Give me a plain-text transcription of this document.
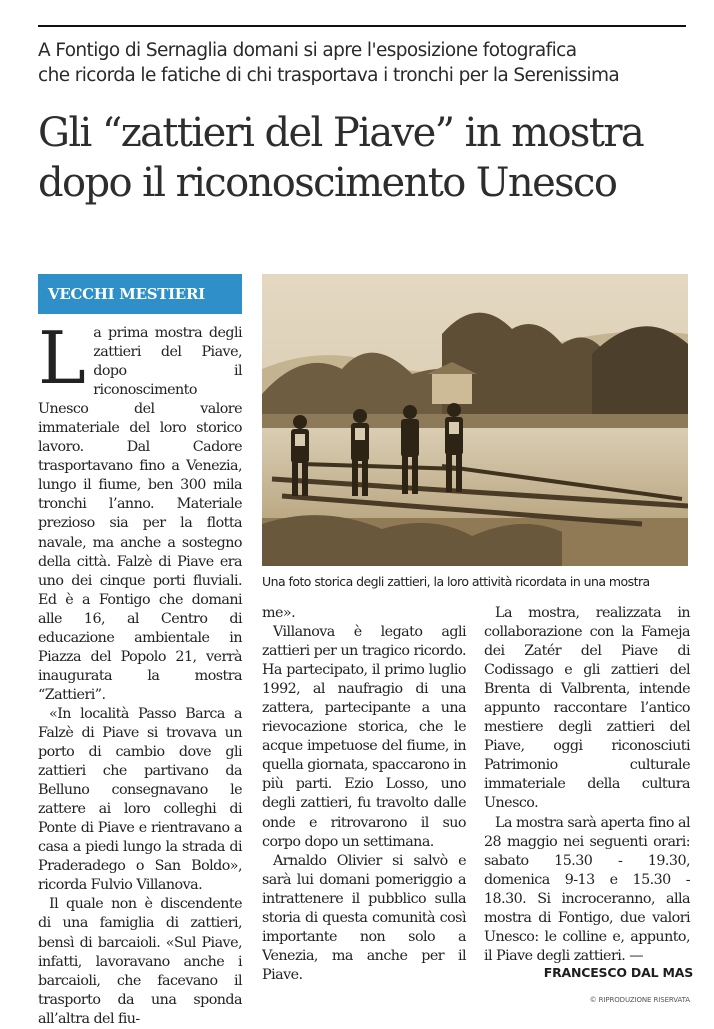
A Fontigo di Sernaglia domani si apre l'esposizione fotografica
che ricorda le fatiche di chi trasportava i tronchi per la Serenissima
Gli “zattieri del Piave” in mostra
dopo il riconoscimento Unesco
VECCHI MESTIERI
Una foto storica degli zattieri, la loro attività ricordata in una mostra

La prima mostra degli zattieri del Piave, dopo il riconoscimento Unesco del valore immateriale del loro storico lavoro. Dal Cadore trasportavano fino a Venezia, lungo il fiume, ben 300 mila tronchi l’anno. Materiale prezioso sia per la flotta navale, ma anche a sostegno della città. Falzè di Piave era uno dei cinque porti fluviali. Ed è a Fontigo che domani alle 16, al Centro di educazione ambientale in Piazza del Popolo 21, verrà inaugurata la mostra “Zattieri”.

«In località Passo Barca a Falzè di Piave si trovava un porto di cambio dove gli zattieri che partivano da Belluno consegnavano le zattere ai loro colleghi di Ponte di Piave e rientravano a casa a piedi lungo la strada di Praderadego o San Boldo», ricorda Fulvio Villanova.

Il quale non è discendente di una famiglia di zattieri, bensì di barcaioli. «Sul Piave, infatti, lavoravano anche i barcaioli, che facevano il trasporto da una sponda all’altra del fiu-

me».

Villanova è legato agli zattieri per un tragico ricordo. Ha partecipato, il primo luglio 1992, al naufragio di una zattera, partecipante a una rievocazione storica, che le acque impetuose del fiume, in quella giornata, spaccarono in più parti. Ezio Losso, uno degli zattieri, fu travolto dalle onde e ritrovarono il suo corpo dopo un settimana.

Arnaldo Olivier si salvò e sarà lui domani pomeriggio a intrattenere il pubblico sulla storia di questa comunità così importante non solo a Venezia, ma anche per il Piave.

La mostra, realizzata in collaborazione con la Fameja dei Zatér del Piave di Codissago e gli zattieri del Brenta di Valbrenta, intende appunto raccontare l’antico mestiere degli zattieri del Piave, oggi riconosciuti Patrimonio culturale immateriale della cultura Unesco.

La mostra sarà aperta fino al 28 maggio nei seguenti orari: sabato 15.30 - 19.30, domenica 9-13 e 15.30 - 18.30. Si incroceranno, alla mostra di Fontigo, due valori Unesco: le colline e, appunto, il Piave degli zattieri. —

FRANCESCO DAL MAS
© RIPRODUZIONE RISERVATA
